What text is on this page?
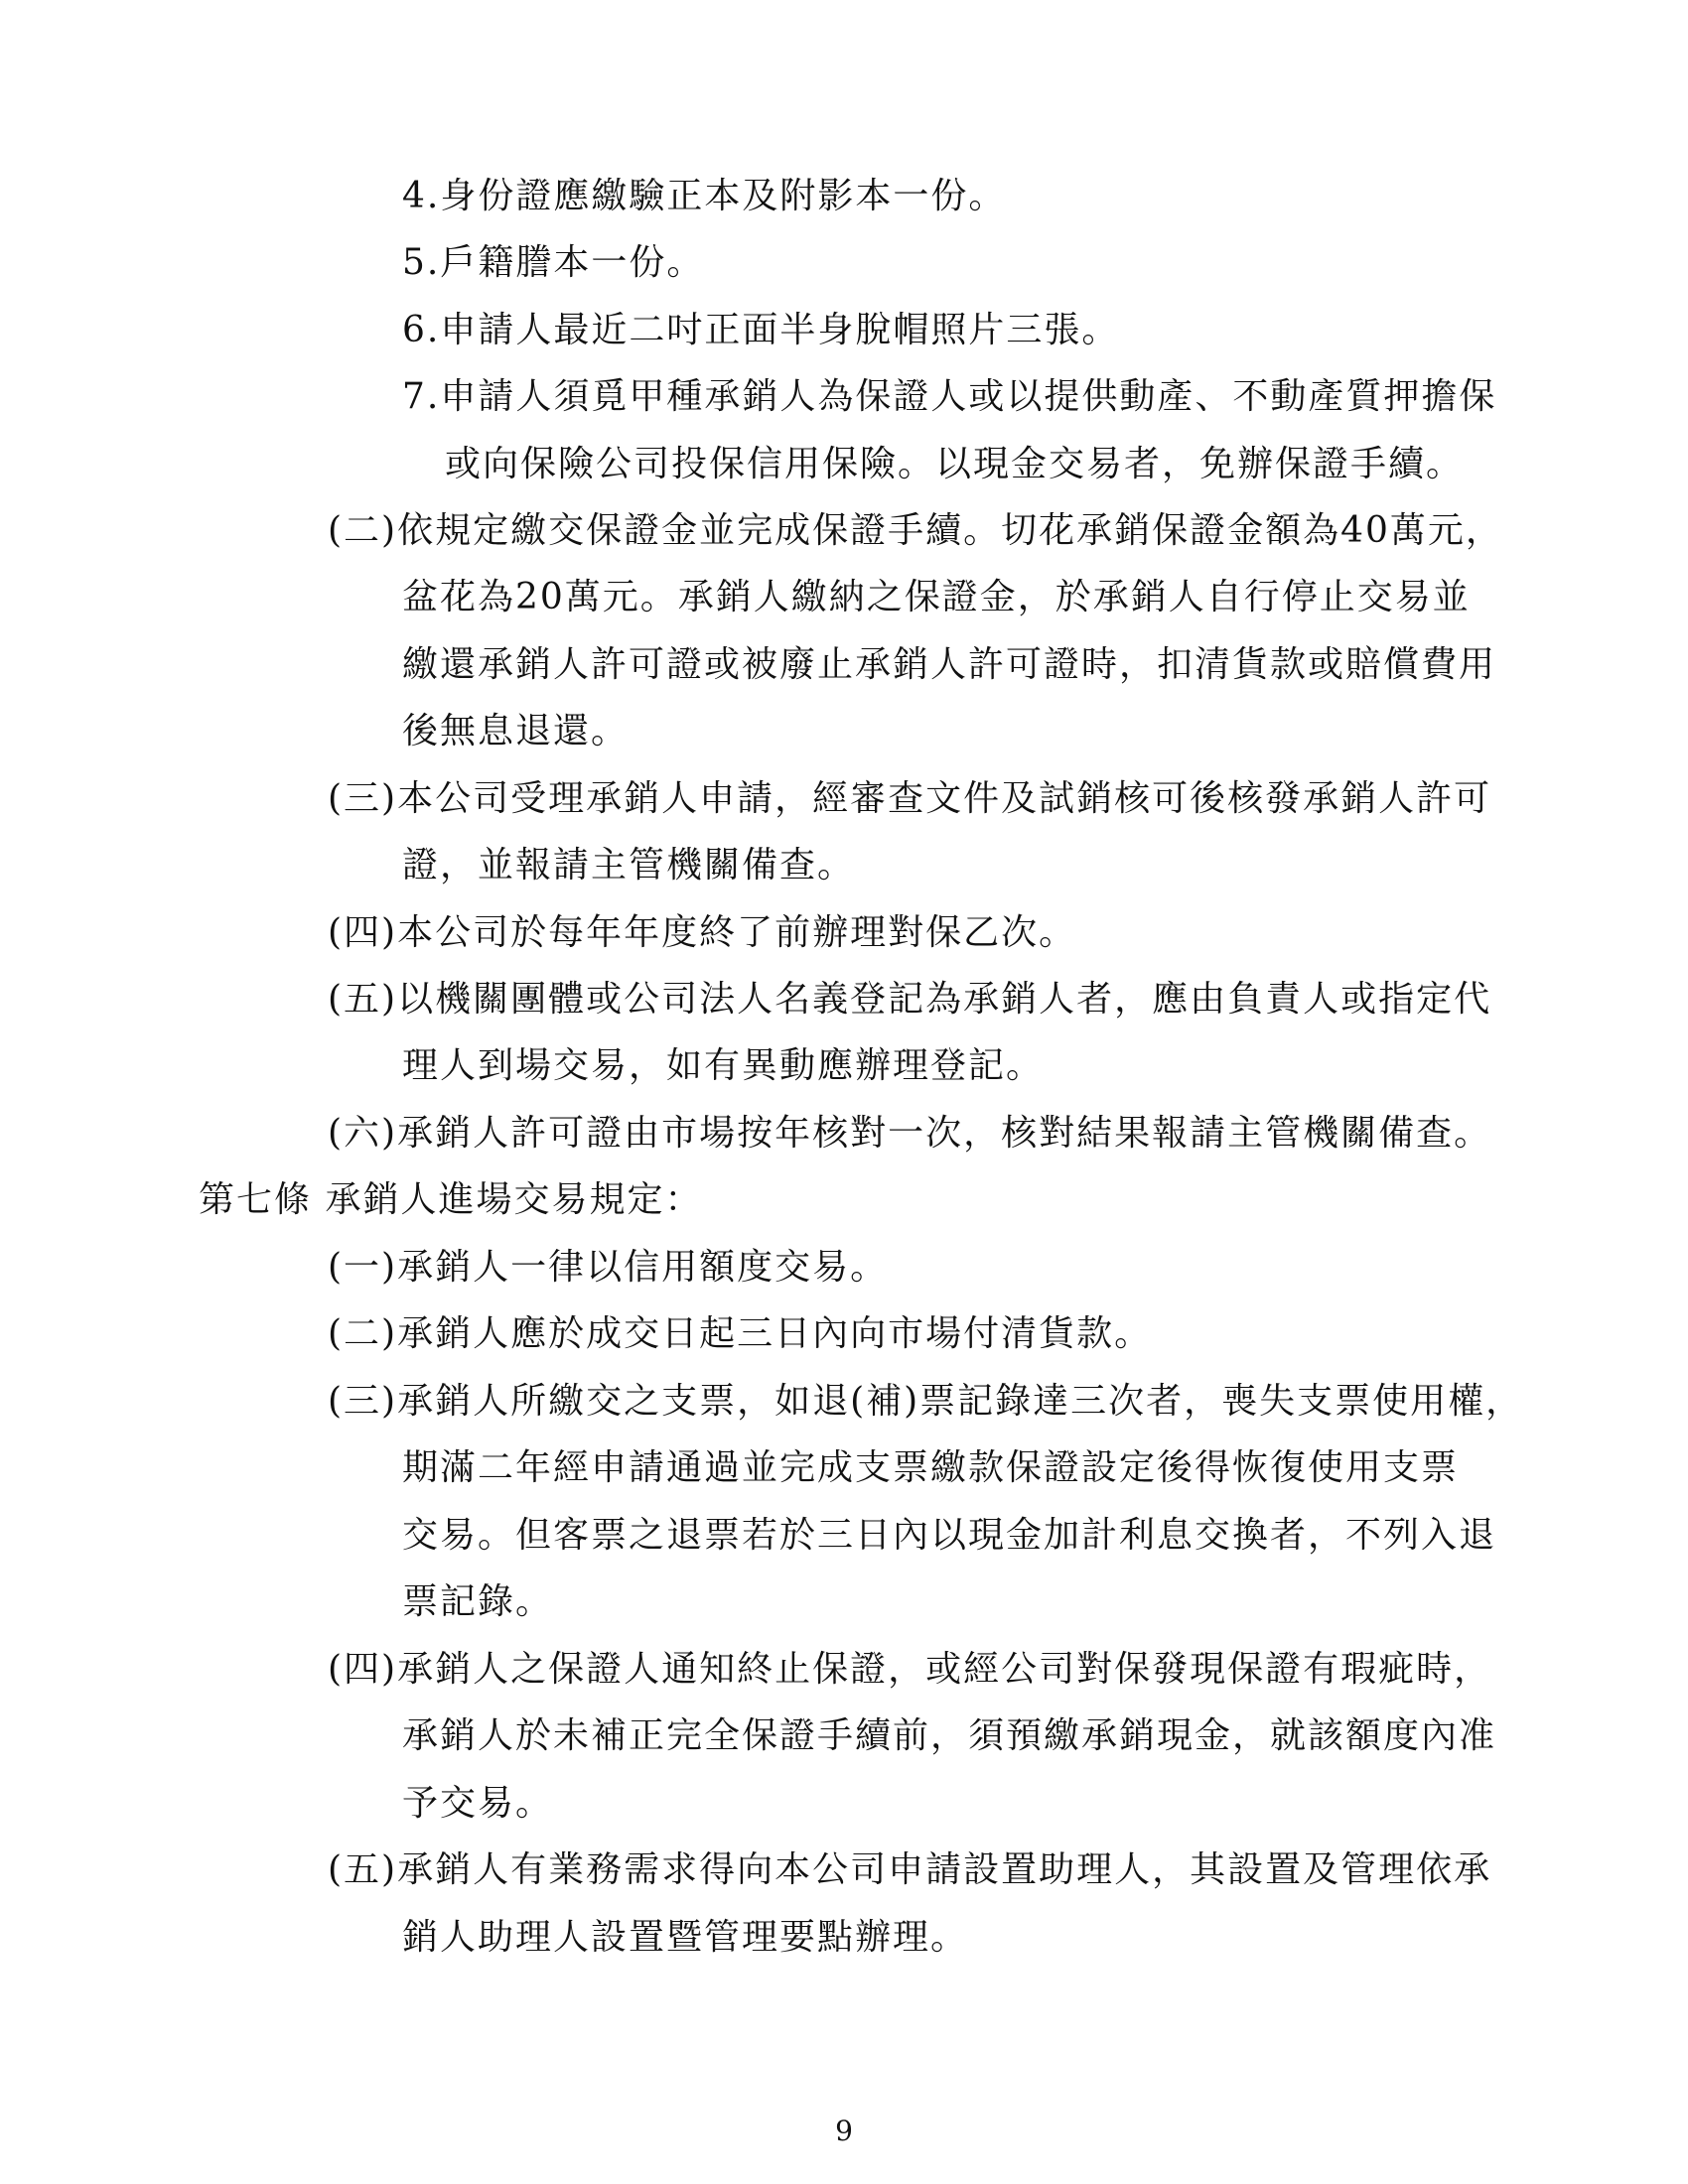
4.身份證應繳驗正本及附影本一份。
5.戶籍謄本一份。
6.申請人最近二吋正面半身脫帽照片三張。
7.申請人須覓甲種承銷人為保證人或以提供動產、不動產質押擔保
或向保險公司投保信用保險。以現金交易者，免辦保證手續。
(二)依規定繳交保證金並完成保證手續。切花承銷保證金額為40萬元，
盆花為20萬元。承銷人繳納之保證金，於承銷人自行停止交易並
繳還承銷人許可證或被廢止承銷人許可證時，扣清貨款或賠償費用
後無息退還。
(三)本公司受理承銷人申請，經審查文件及試銷核可後核發承銷人許可
證，並報請主管機關備查。
(四)本公司於每年年度終了前辦理對保乙次。
(五)以機關團體或公司法人名義登記為承銷人者，應由負責人或指定代
理人到場交易，如有異動應辦理登記。
(六)承銷人許可證由市場按年核對一次，核對結果報請主管機關備查。
第七條 承銷人進場交易規定：
(一)承銷人一律以信用額度交易。
(二)承銷人應於成交日起三日內向市場付清貨款。
(三)承銷人所繳交之支票，如退(補)票記錄達三次者，喪失支票使用權，
期滿二年經申請通過並完成支票繳款保證設定後得恢復使用支票
交易。但客票之退票若於三日內以現金加計利息交換者，不列入退
票記錄。
(四)承銷人之保證人通知終止保證，或經公司對保發現保證有瑕疵時，
承銷人於未補正完全保證手續前，須預繳承銷現金，就該額度內准
予交易。
(五)承銷人有業務需求得向本公司申請設置助理人，其設置及管理依承
銷人助理人設置暨管理要點辦理。
9
